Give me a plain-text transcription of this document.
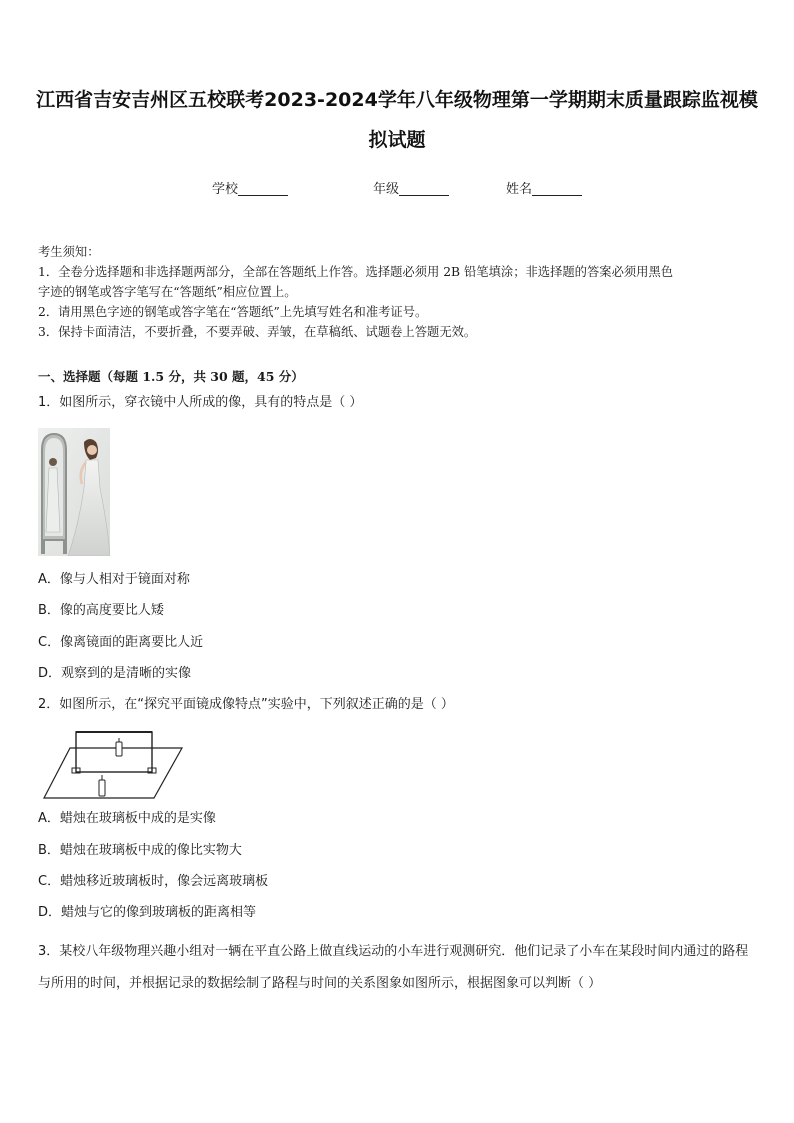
江西省吉安吉州区五校联考2023-2024学年八年级物理第一学期期末质量跟踪监视模
拟试题
学校	年级	姓名

考生须知：

1．全卷分选择题和非选择题两部分，全部在答题纸上作答。选择题必须用 2B 铅笔填涂；非选择题的答案必须用黑色

字迹的钢笔或答字笔写在“答题纸”相应位置上。

2．请用黑色字迹的钢笔或答字笔在“答题纸”上先填写姓名和准考证号。

3．保持卡面清洁，不要折叠，不要弄破、弄皱，在草稿纸、试题卷上答题无效。

一、选择题（每题 1.5 分，共 30 题，45 分）
1．如图所示，穿衣镜中人所成的像，具有的特点是（ ）
A．像与人相对于镜面对称
B．像的高度要比人矮
C．像离镜面的距离要比人近
D．观察到的是清晰的实像
2．如图所示，在“探究平面镜成像特点”实验中，下列叙述正确的是（ ）
A．蜡烛在玻璃板中成的是实像
B．蜡烛在玻璃板中成的像比实物大
C．蜡烛移近玻璃板时，像会远离玻璃板
D．蜡烛与它的像到玻璃板的距离相等
3．某校八年级物理兴趣小组对一辆在平直公路上做直线运动的小车进行观测研究．他们记录了小车在某段时间内通过的路程与所用的时间，并根据记录的数据绘制了路程与时间的关系图象如图所示，根据图象可以判断（ ）
